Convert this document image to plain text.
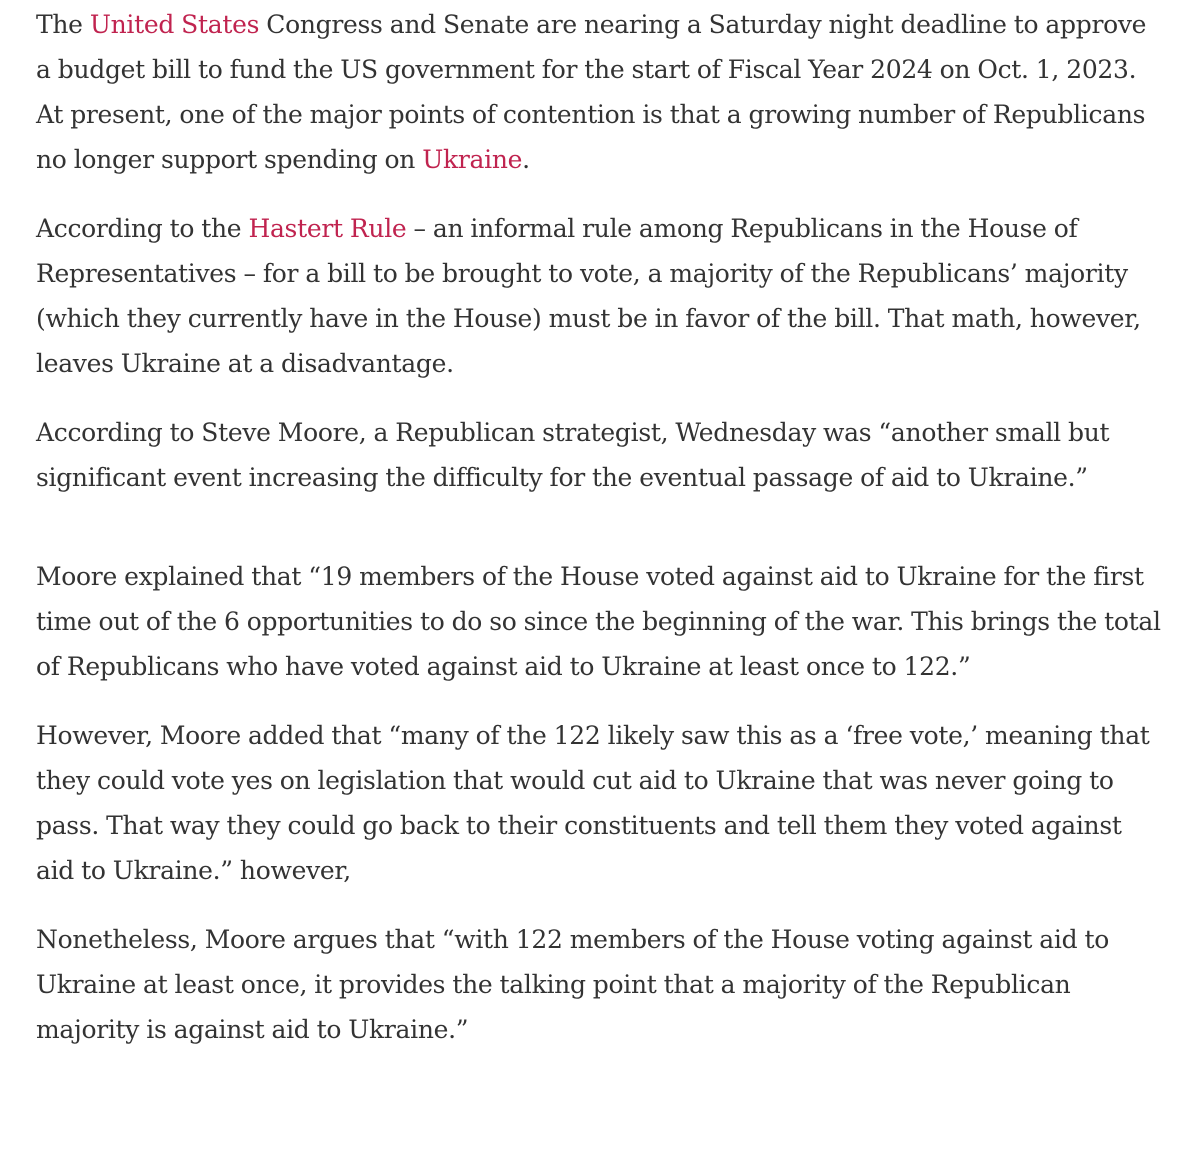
The United States Congress and Senate are nearing a Saturday night deadline to approve a budget bill to fund the US government for the start of Fiscal Year 2024 on Oct. 1, 2023. At present, one of the major points of contention is that a growing number of Republicans no longer support spending on Ukraine.

According to the Hastert Rule – an informal rule among Republicans in the House of Representatives – for a bill to be brought to vote, a majority of the Republicans’ majority (which they currently have in the House) must be in favor of the bill. That math, however, leaves Ukraine at a disadvantage.

According to Steve Moore, a Republican strategist, Wednesday was “another small but significant event increasing the difficulty for the eventual passage of aid to Ukraine.”

Moore explained that “19 members of the House voted against aid to Ukraine for the first time out of the 6 opportunities to do so since the beginning of the war. This brings the total of Republicans who have voted against aid to Ukraine at least once to 122.”

However, Moore added that “many of the 122 likely saw this as a ‘free vote,’ meaning that they could vote yes on legislation that would cut aid to Ukraine that was never going to pass. That way they could go back to their constituents and tell them they voted against aid to Ukraine.” however,

Nonetheless, Moore argues that “with 122 members of the House voting against aid to Ukraine at least once, it provides the talking point that a majority of the Republican majority is against aid to Ukraine.”
